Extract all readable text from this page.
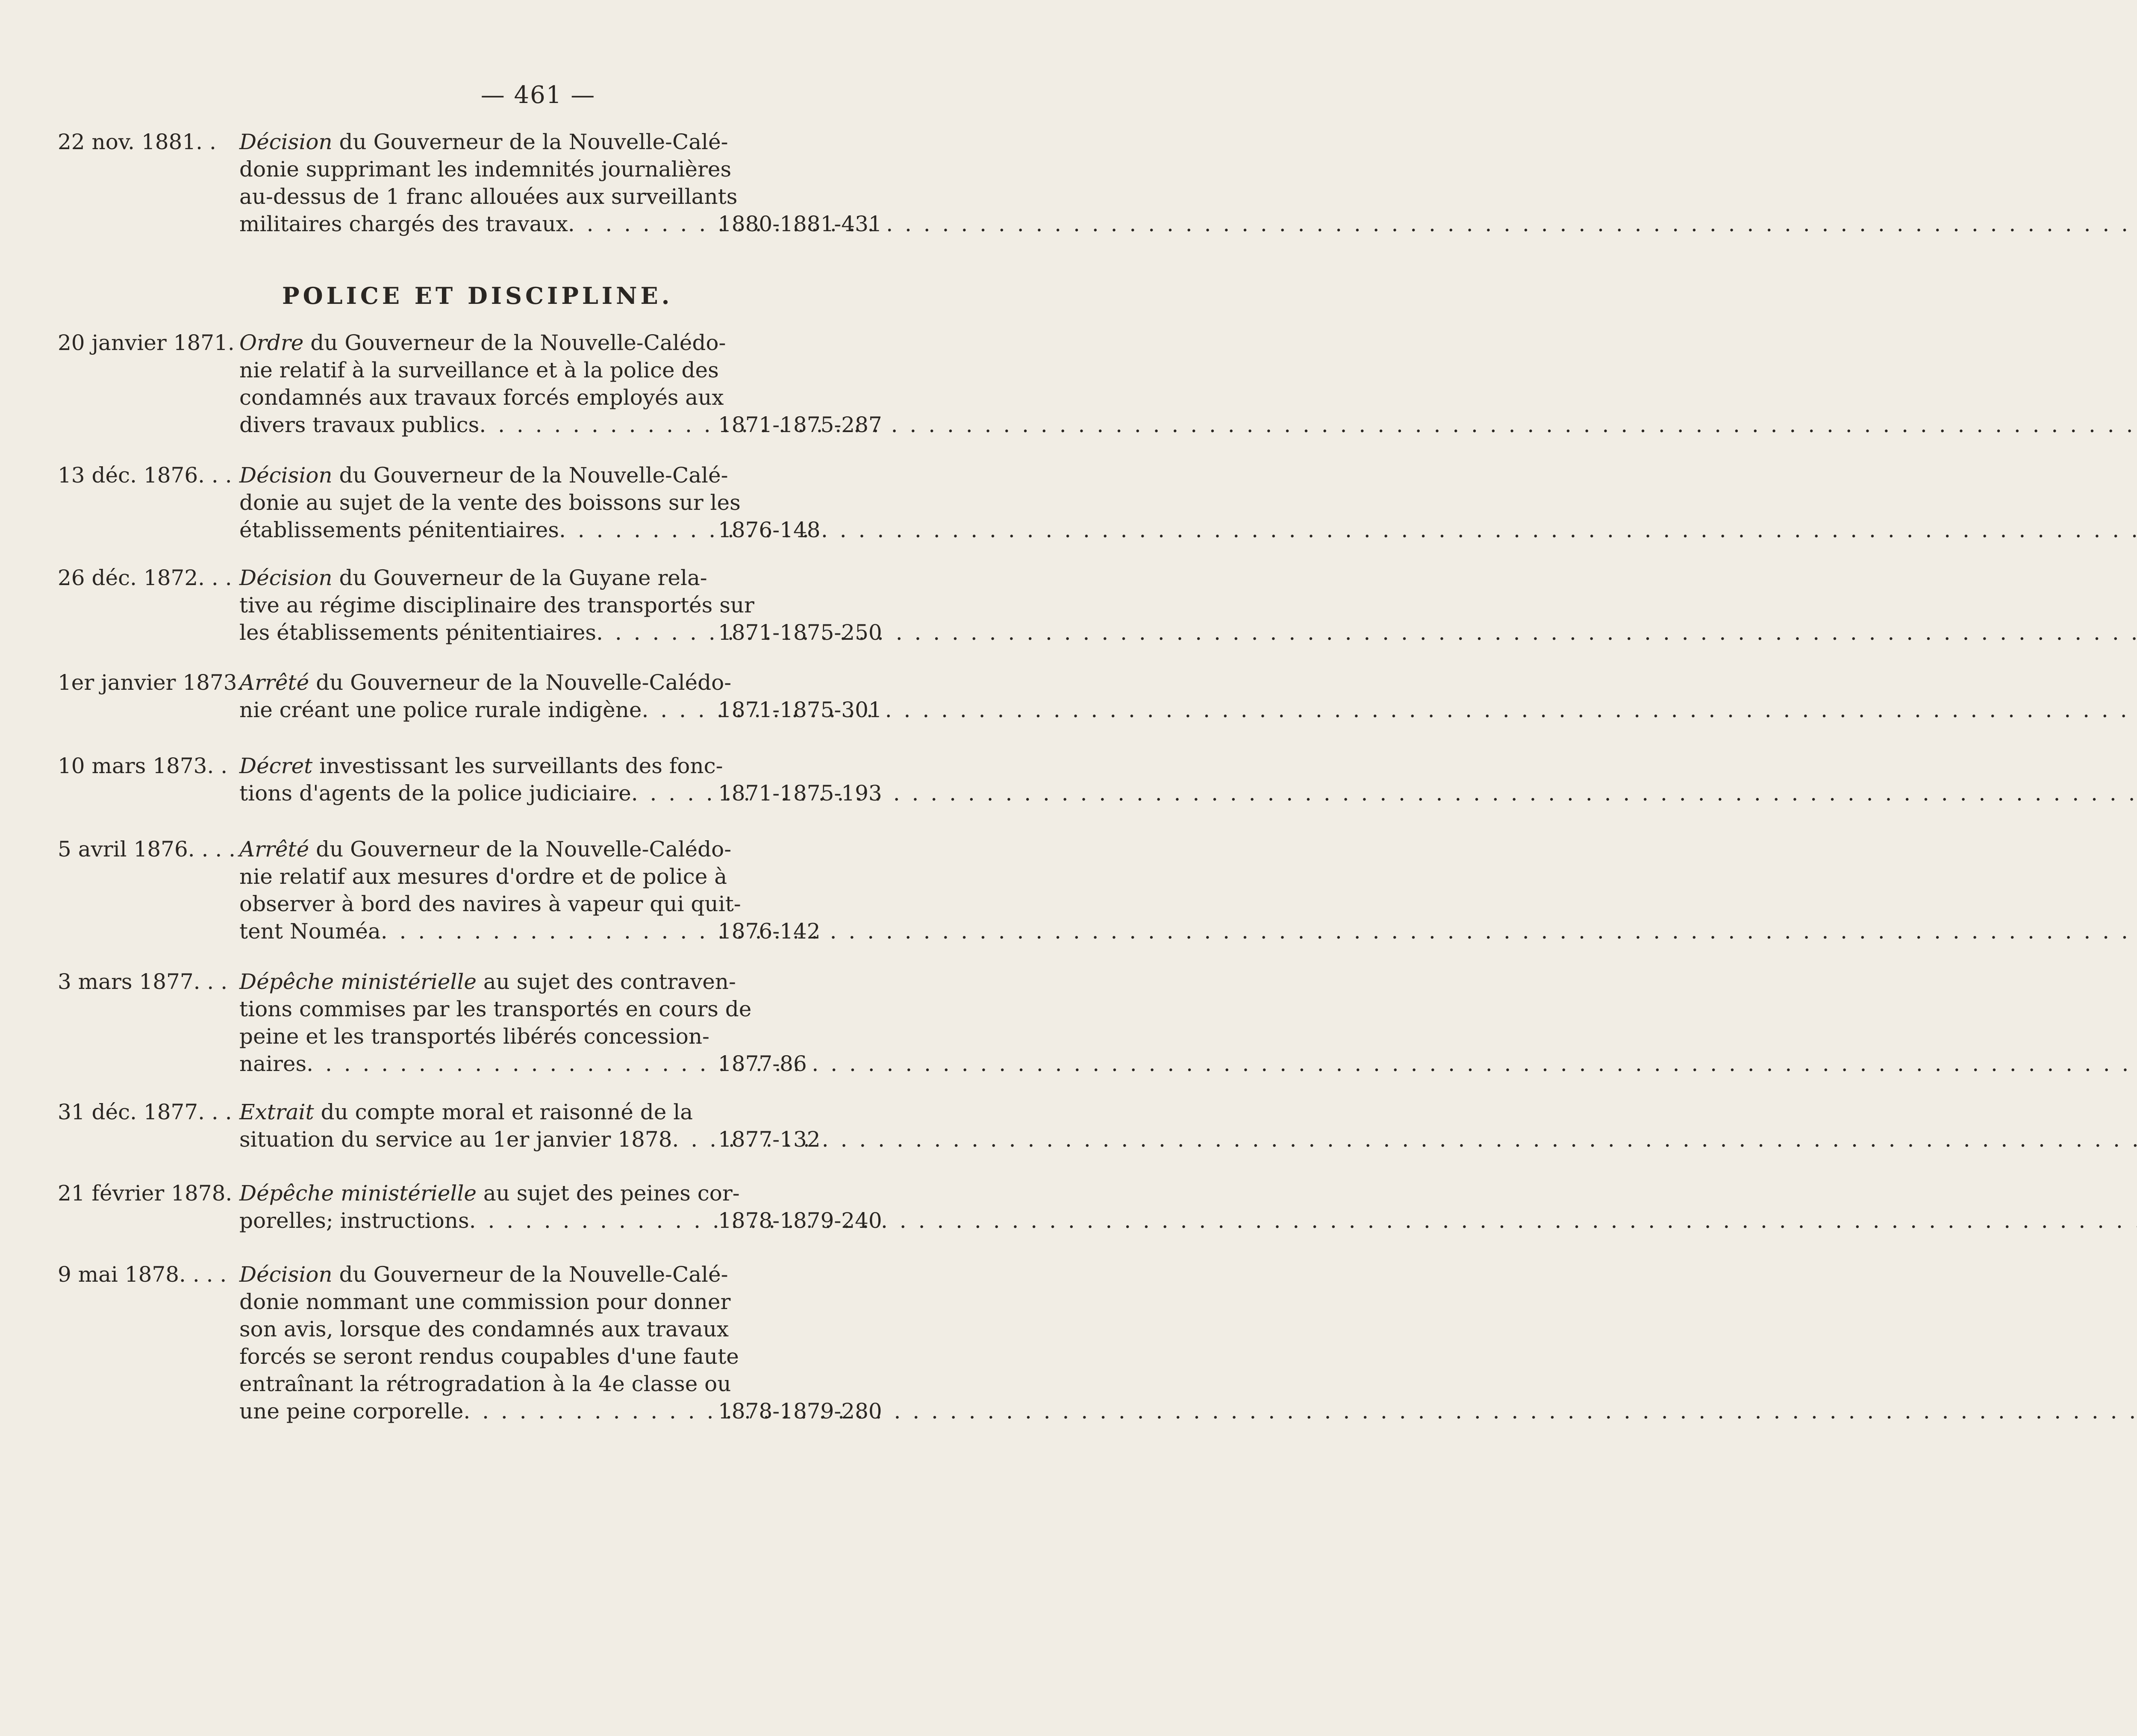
— 461 —
POLICE ET DISCIPLINE.
22 nov. 1881. .	Décision du Gouverneur de la Nouvelle-Calé-
donie supprimant les indemnités journalières
au-dessus de 1 franc allouées aux surveillants
militaires chargés des travaux . . .	1880-1881-431
20 janvier 1871. Ordre du Gouverneur de la Nouvelle-Calédo-
nie relatif à la surveillance et à la police des
condamnés aux travaux forcés employés aux
divers travaux publics . . .	1871-1875-287
13 déc. 1876. . . Décision du Gouverneur de la Nouvelle-Calé-
donie au sujet de la vente des boissons sur les
établissements pénitentiaires . . .	1876-148
26 déc. 1872. . . Décision du Gouverneur de la Guyane rela-
tive au régime disciplinaire des transportés sur
les établissements pénitentiaires . . .	1871-1875-250
1er janvier 1873.
Arrêté du Gouverneur de la Nouvelle-Calédo-
nie créant une police rurale indigène . . .	1871-1875-301
10 mars 1873. . Décret investissant les surveillants des fonc-
tions d'agents de la police judiciaire . . .	1871-1875-193
5 avril 1876. . . . Arrêté du Gouverneur de la Nouvelle-Calédo-
nie relatif aux mesures d'ordre et de police à
observer à bord des navires à vapeur qui quit-
tent Nouméa . . .	1876-142
3 mars 1877. . . Dépêche ministérielle au sujet des contraven-
tions commises par les transportés en cours de
peine et les transportés libérés concession-
naires . . .	1877-86
31 déc. 1877. . . Extrait du compte moral et raisonné de la
situation du service au 1er janvier 1878 . . . 1877-132
21 février 1878. Dépêche ministérielle au sujet des peines cor-
porelles; instructions . . .	1878-1879-240
9 mai 1878. . . . Décision du Gouverneur de la Nouvelle-Calé-
donie nommant une commission pour donner
son avis, lorsque des condamnés aux travaux
forcés se seront rendus coupables d'une faute
entraînant la rétrogradation à la 4e classe ou
une peine corporelle . . .	1878-1879-280
